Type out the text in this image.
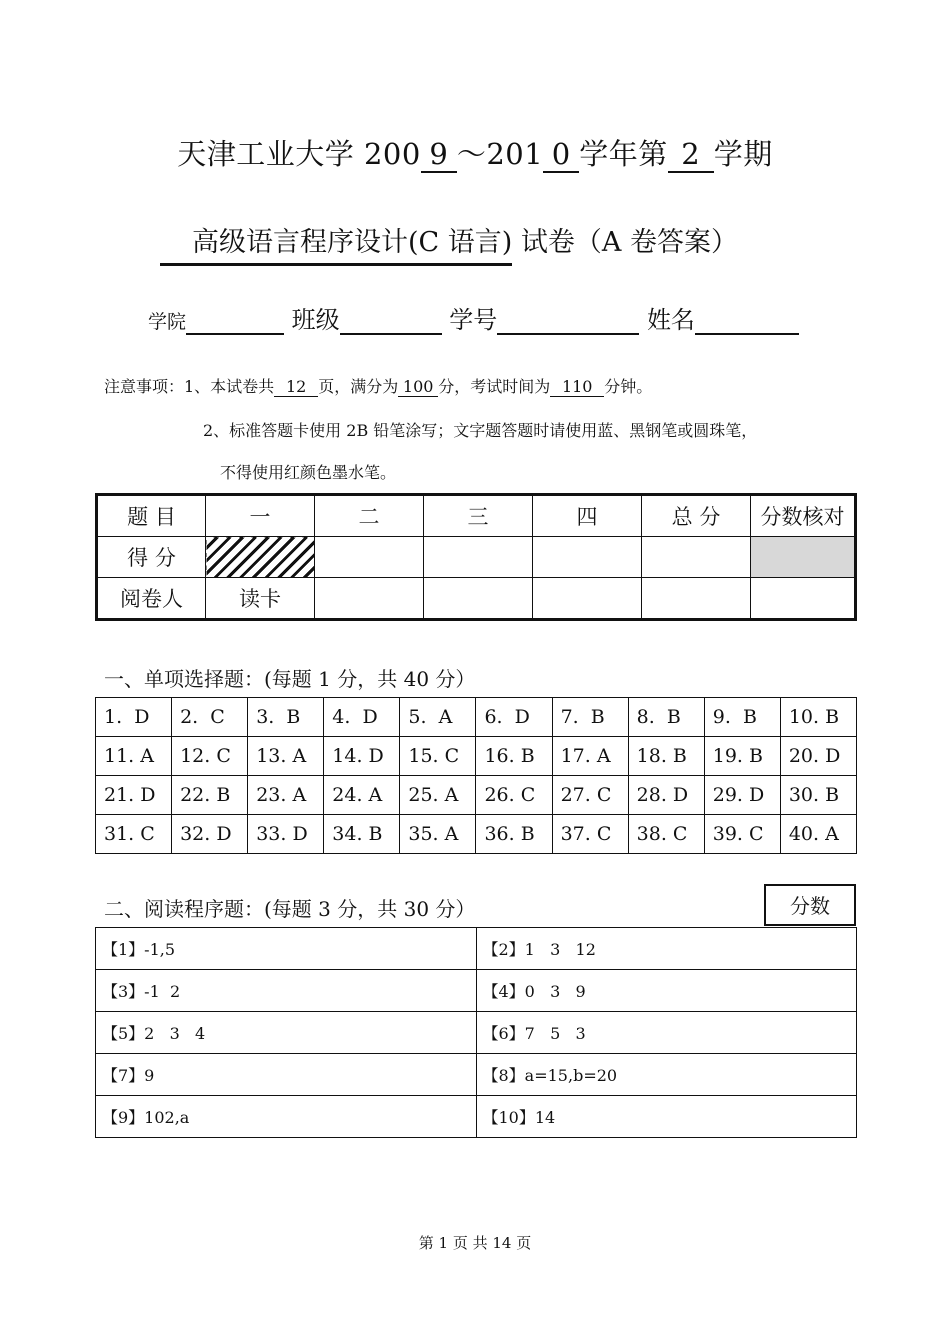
天津工业大学 200 9 ～201 0 学年第 2 学期
高级语言程序设计(C 语言) 试卷（A 卷答案）
学院	班级	学号	姓名
注意事项：1、本试卷共 12 页，满分为 100 分，考试时间为 110 分钟。
2、标准答题卡使用 2B 铅笔涂写；文字题答题时请使用蓝、黑钢笔或圆珠笔，
不得使用红颜色墨水笔。
题 目	一	二	三	四	总 分	分数核对
得 分						
阅卷人	读卡					
一、单项选择题：(每题 1 分，共 40 分）
1.  D	2.  C	3.  B	4.  D	5.  A	6.  D	7.  B	8.  B	9.  B	10. B
11. A	12. C	13. A	14. D	15. C	16. B	17. A	18. B	19. B	20. D
21. D	22. B	23. A	24. A	25. A	26. C	27. C	28. D	29. D	30. B
31. C	32. D	33. D	34. B	35. A	36. B	37. C	38. C	39. C	40. A
二、阅读程序题：(每题 3 分，共 30 分）	分数
【1】-1,5	【2】1   3   12
【3】-1  2	【4】0   3   9
【5】2   3   4	【6】7   5   3
【7】9	【8】a=15,b=20
【9】102,a	【10】14
第 1 页 共 14 页
